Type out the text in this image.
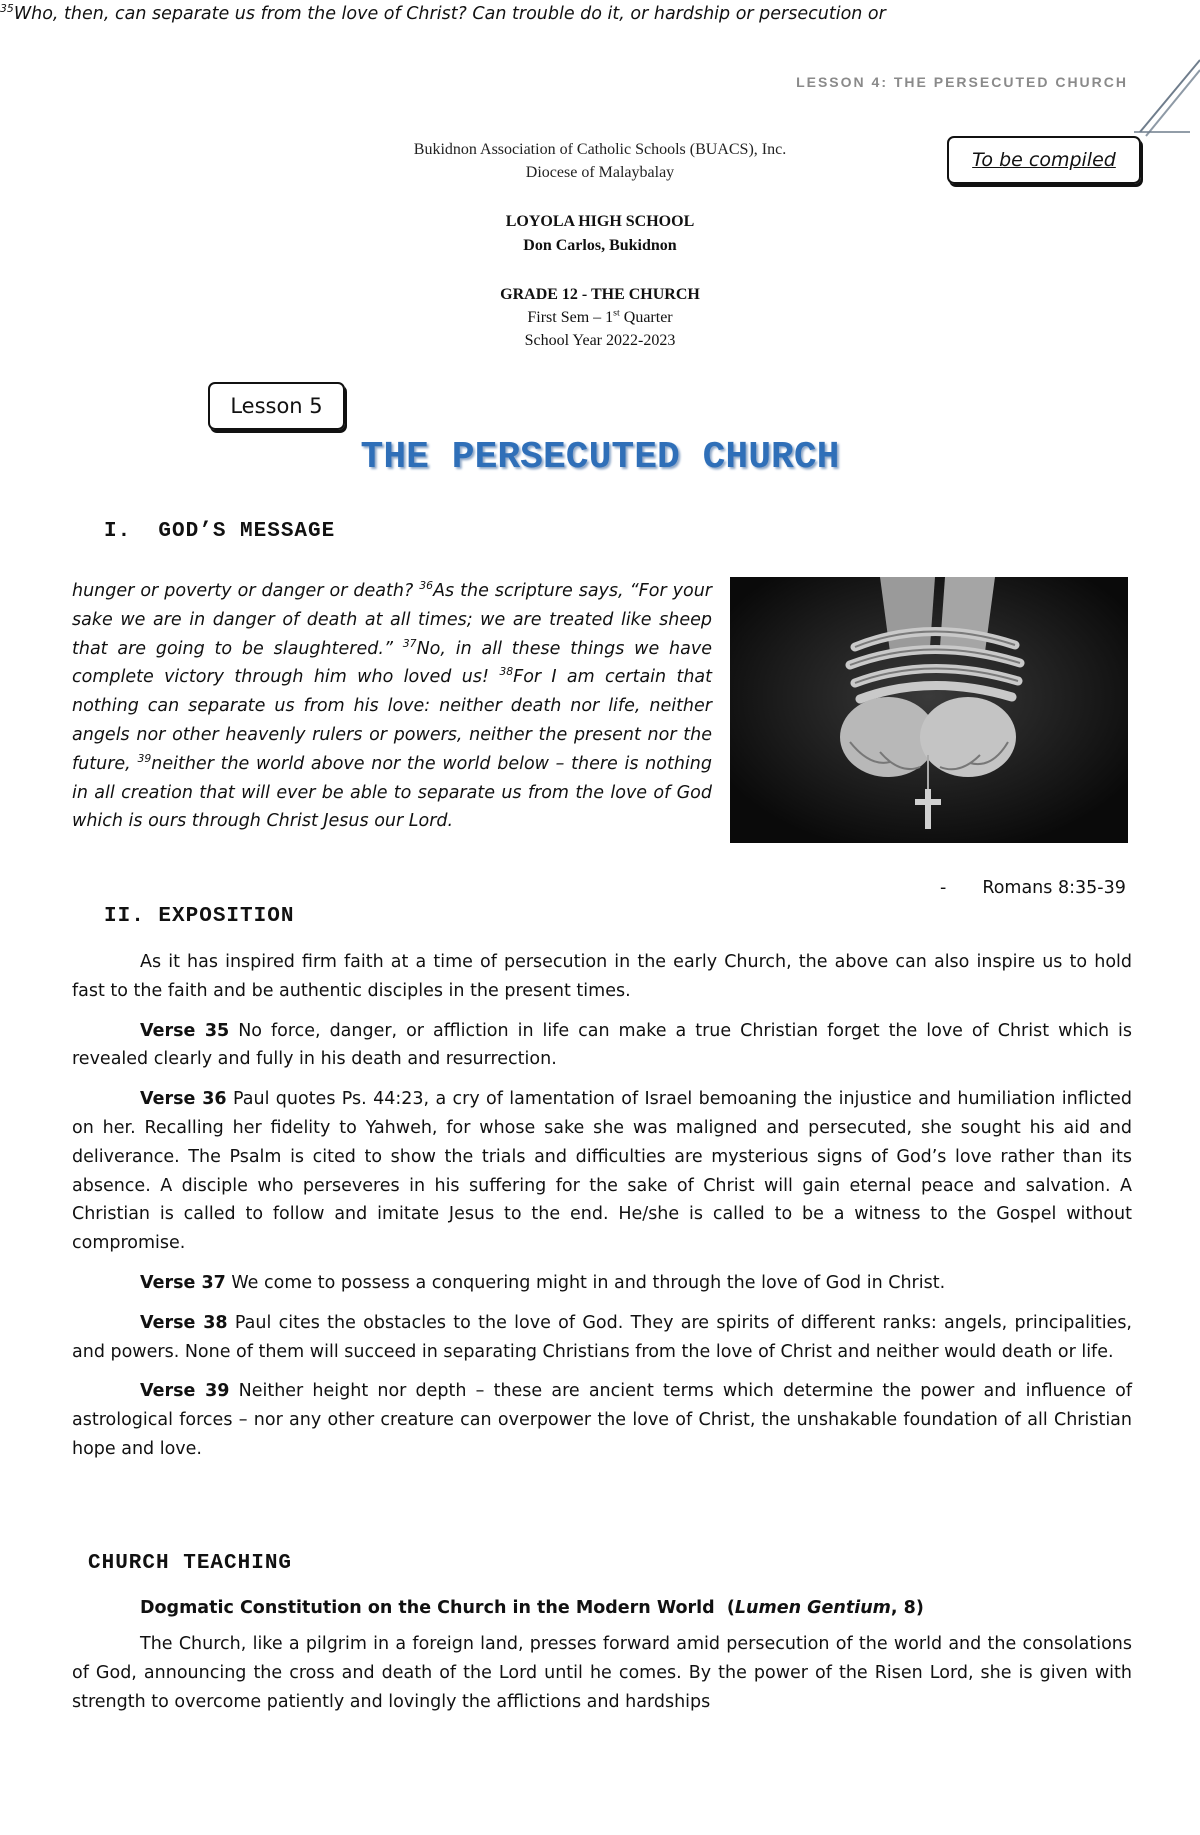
LESSON 4: THE PERSECUTED CHURCH
Bukidnon Association of Catholic Schools (BUACS), Inc.
Diocese of Malaybalay
To be compiled
LOYOLA HIGH SCHOOL
Don Carlos, Bukidnon
GRADE 12 - THE CHURCH
First Sem – 1st Quarter
School Year 2022-2023
Lesson 5
THE PERSECUTED CHURCH
I.  GOD’S MESSAGE
$^{35}$Who, then, can separate us from the love of Christ? Can trouble do it, or hardship or persecution or
hunger or poverty or danger or death? $^{36}$As the scripture says, “For your sake we are in danger of death at all times; we are treated like sheep that are going to be slaughtered.” $^{37}$No, in all these things we have complete victory through him who loved us! $^{38}$For I am certain that nothing can separate us from his love: neither death nor life, neither angels nor other heavenly rulers or powers, neither the present nor the future, $^{39}$neither the world above nor the world below – there is nothing in all creation that will ever be able to separate us from the love of God which is ours through Christ Jesus our Lord.
- Romans 8:35-39
II. EXPOSITION

As it has inspired firm faith at a time of persecution in the early Church, the above can also inspire us to hold fast to the faith and be authentic disciples in the present times.

Verse 35 No force, danger, or affliction in life can make a true Christian forget the love of Christ which is revealed clearly and fully in his death and resurrection.

Verse 36 Paul quotes Ps. 44:23, a cry of lamentation of Israel bemoaning the injustice and humiliation inflicted on her. Recalling her fidelity to Yahweh, for whose sake she was maligned and persecuted, she sought his aid and deliverance. The Psalm is cited to show the trials and difficulties are mysterious signs of God’s love rather than its absence. A disciple who perseveres in his suffering for the sake of Christ will gain eternal peace and salvation. A Christian is called to follow and imitate Jesus to the end. He/she is called to be a witness to the Gospel without compromise.

Verse 37 We come to possess a conquering might in and through the love of God in Christ.

Verse 38 Paul cites the obstacles to the love of God. They are spirits of different ranks: angels, principalities, and powers. None of them will succeed in separating Christians from the love of Christ and neither would death or life.

Verse 39 Neither height nor depth – these are ancient terms which determine the power and influence of astrological forces – nor any other creature can overpower the love of Christ, the unshakable foundation of all Christian hope and love.

CHURCH TEACHING
Dogmatic Constitution on the Church in the Modern World  (Lumen Gentium, 8)

The Church, like a pilgrim in a foreign land, presses forward amid persecution of the world and the consolations of God, announcing the cross and death of the Lord until he comes. By the power of the Risen Lord, she is given with strength to overcome patiently and lovingly the afflictions and hardships
